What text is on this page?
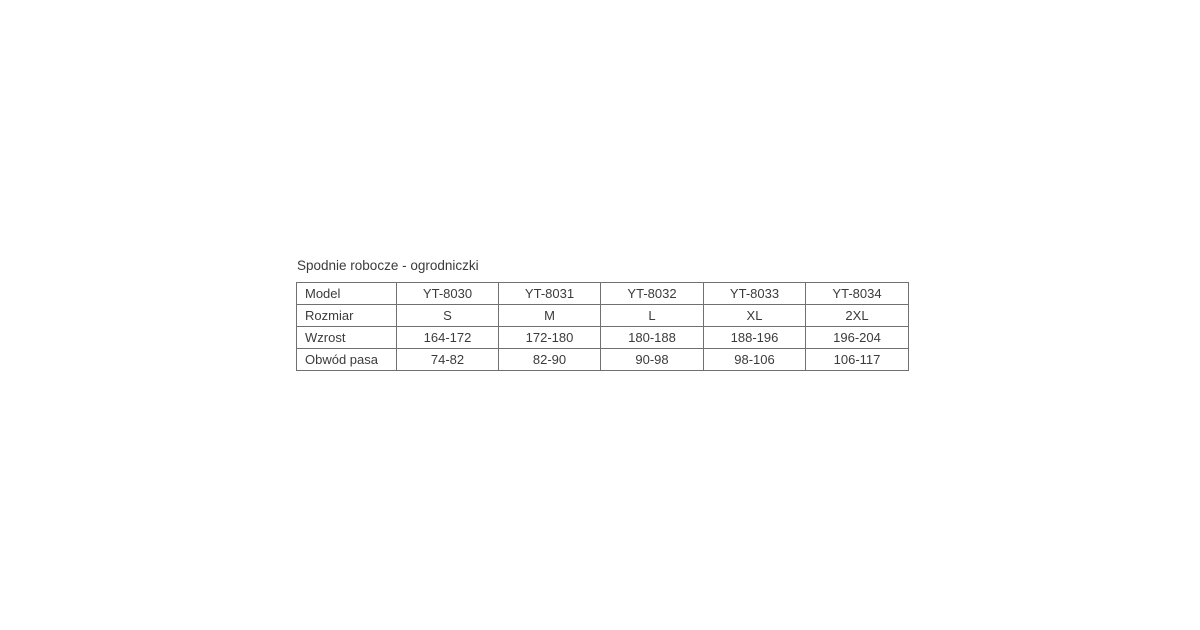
Spodnie robocze - ogrodniczki
Model	YT-8030	YT-8031	YT-8032	YT-8033	YT-8034
Rozmiar	S	M	L	XL	2XL
Wzrost	164-172	172-180	180-188	188-196	196-204
Obwód pasa	74-82	82-90	90-98	98-106	106-117
